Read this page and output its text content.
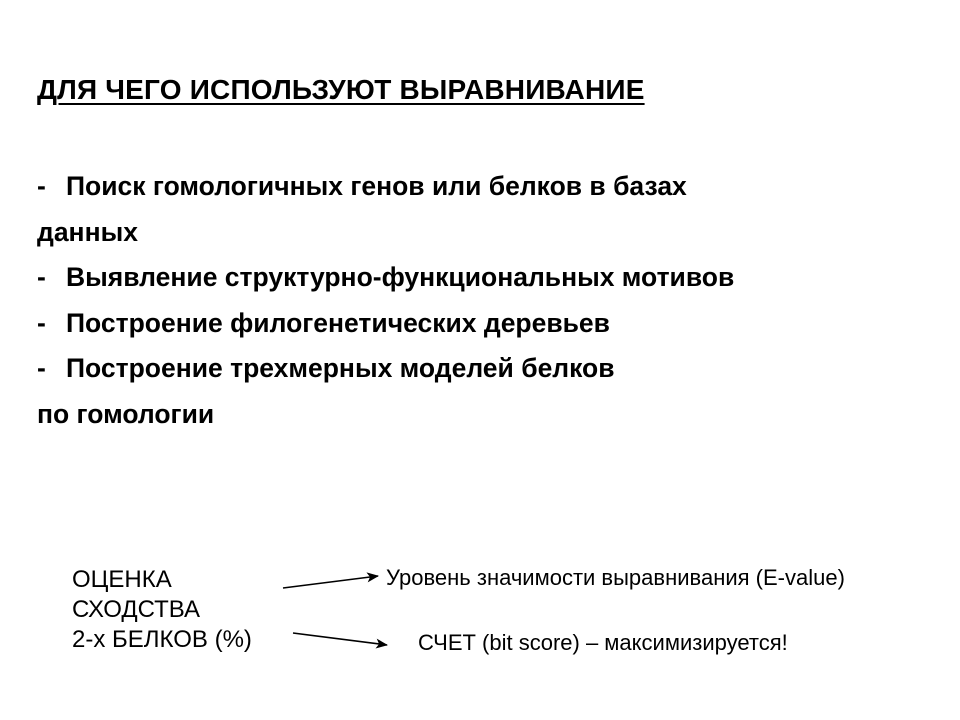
ДЛЯ ЧЕГО ИСПОЛЬЗУЮТ ВЫРАВНИВАНИЕ
- Поиск гомологичных генов или белков в базах
данных
- Выявление структурно-функциональных мотивов
- Построение филогенетических деревьев
- Построение трехмерных моделей белков
по гомологии
ОЦЕНКА
СХОДСТВА
2-х БЕЛКОВ (%)
Уровень значимости выравнивания (E-value)
СЧЕТ (bit score) – максимизируется!
